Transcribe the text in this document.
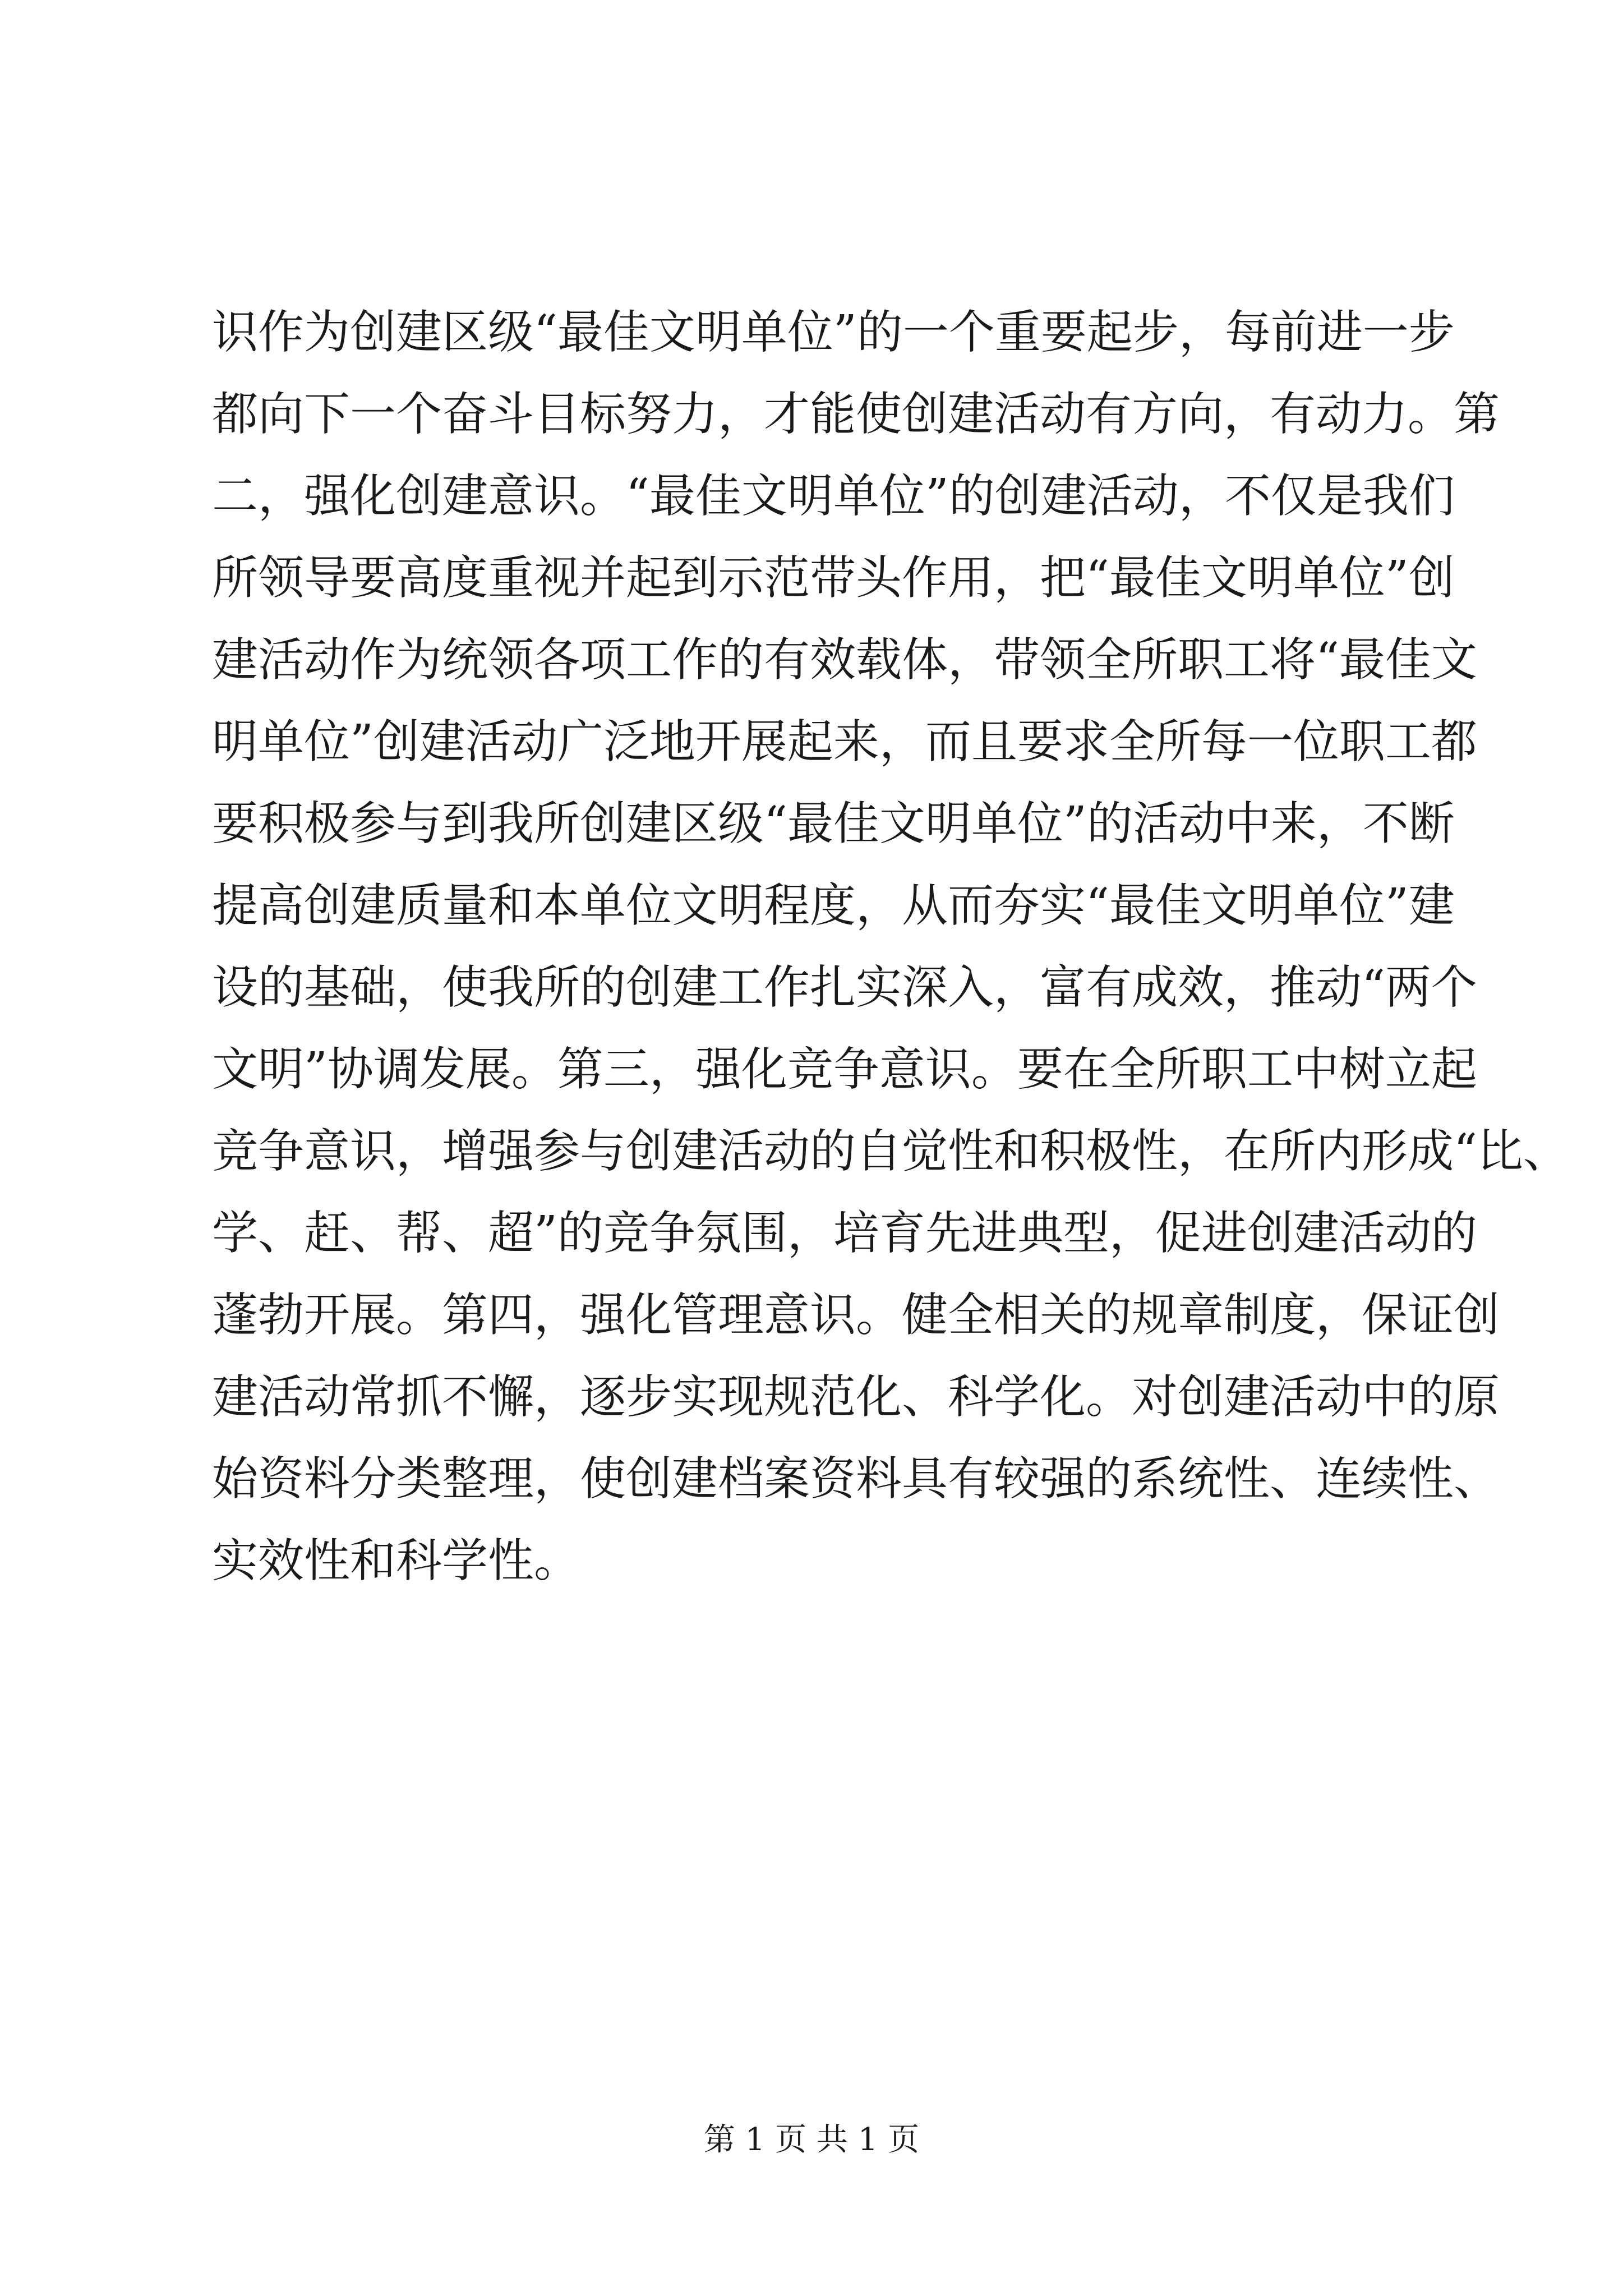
识作为创建区级“最佳文明单位”的一个重要起步，每前进一步
都向下一个奋斗目标努力，才能使创建活动有方向，有动力。第
二，强化创建意识。“最佳文明单位”的创建活动，不仅是我们
所领导要高度重视并起到示范带头作用，把“最佳文明单位”创
建活动作为统领各项工作的有效载体，带领全所职工将“最佳文
明单位”创建活动广泛地开展起来，而且要求全所每一位职工都
要积极参与到我所创建区级“最佳文明单位”的活动中来，不断
提高创建质量和本单位文明程度，从而夯实“最佳文明单位”建
设的基础，使我所的创建工作扎实深入，富有成效，推动“两个
文明”协调发展。第三，强化竞争意识。要在全所职工中树立起
竞争意识，增强参与创建活动的自觉性和积极性，在所内形成“比、
学、赶、帮、超”的竞争氛围，培育先进典型，促进创建活动的
蓬勃开展。第四，强化管理意识。健全相关的规章制度，保证创
建活动常抓不懈，逐步实现规范化、科学化。对创建活动中的原
始资料分类整理，使创建档案资料具有较强的系统性、连续性、
实效性和科学性。
第 1 页 共 1 页
